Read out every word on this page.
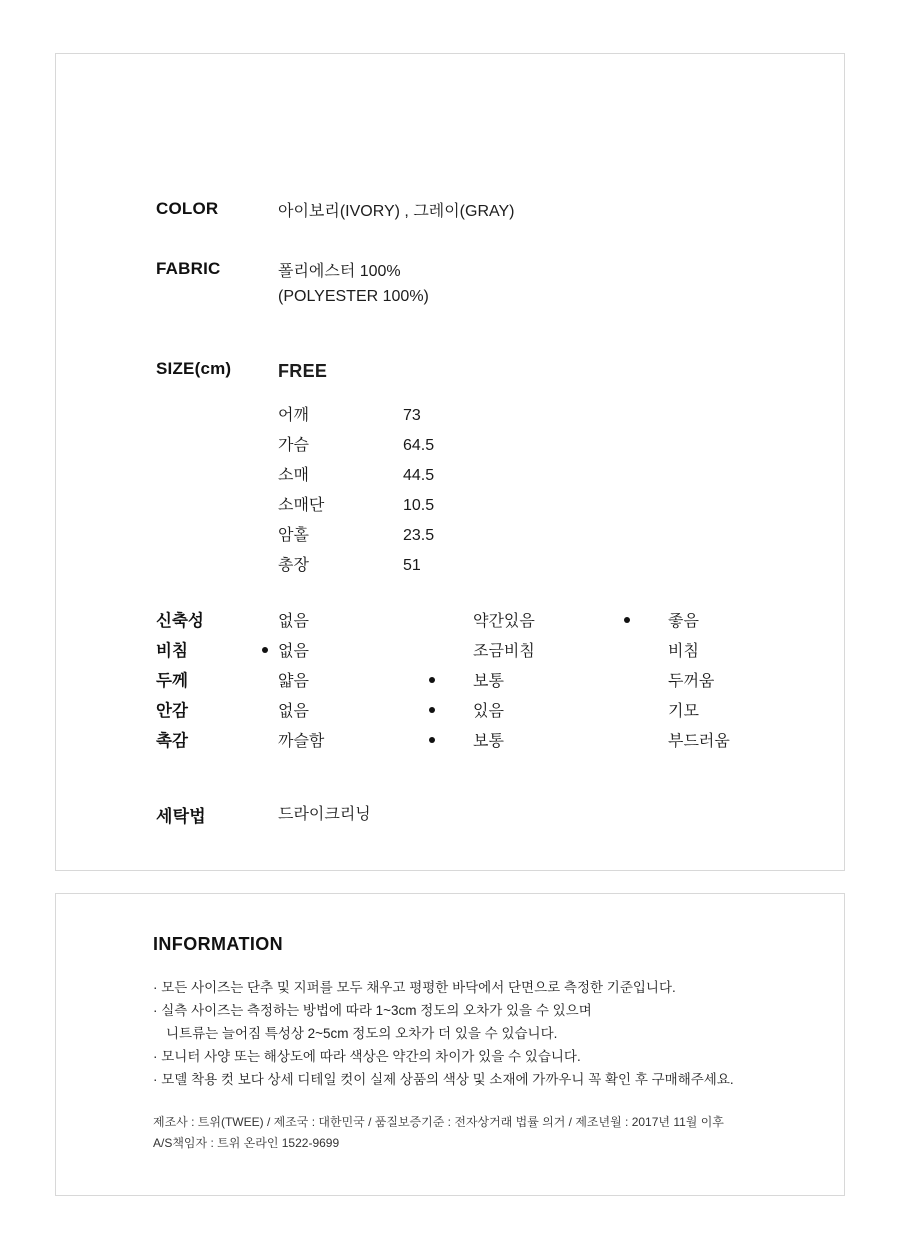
COLOR	아이보리(IVORY) , 그레이(GRAY)
FABRIC	폴리에스터 100%
(POLYESTER 100%)
SIZE(cm)	FREE
어깨	73
가슴	64.5
소매	44.5
소매단	10.5
암홀	23.5
총장	51
신축성	없음	약간있음	좋음
비침	없음	조금비침	비침
두께	얇음	보통	두꺼움
안감	없음	있음	기모
촉감	까슬함	보통	부드러움
세탁법	드라이크리닝
INFORMATION
· 모든 사이즈는 단추 및 지퍼를 모두 채우고 평평한 바닥에서 단면으로 측정한 기준입니다.
· 실측 사이즈는 측정하는 방법에 따라 1~3cm 정도의 오차가 있을 수 있으며
니트류는 늘어짐 특성상 2~5cm 정도의 오차가 더 있을 수 있습니다.
· 모니터 사양 또는 해상도에 따라 색상은 약간의 차이가 있을 수 있습니다.
· 모델 착용 컷 보다 상세 디테일 컷이 실제 상품의 색상 및 소재에 가까우니 꼭 확인 후 구매해주세요.
제조사 : 트위(TWEE) / 제조국 : 대한민국 / 품질보증기준 : 전자상거래 법률 의거 / 제조년월 : 2017년 11월 이후
A/S책임자 : 트위 온라인 1522-9699
